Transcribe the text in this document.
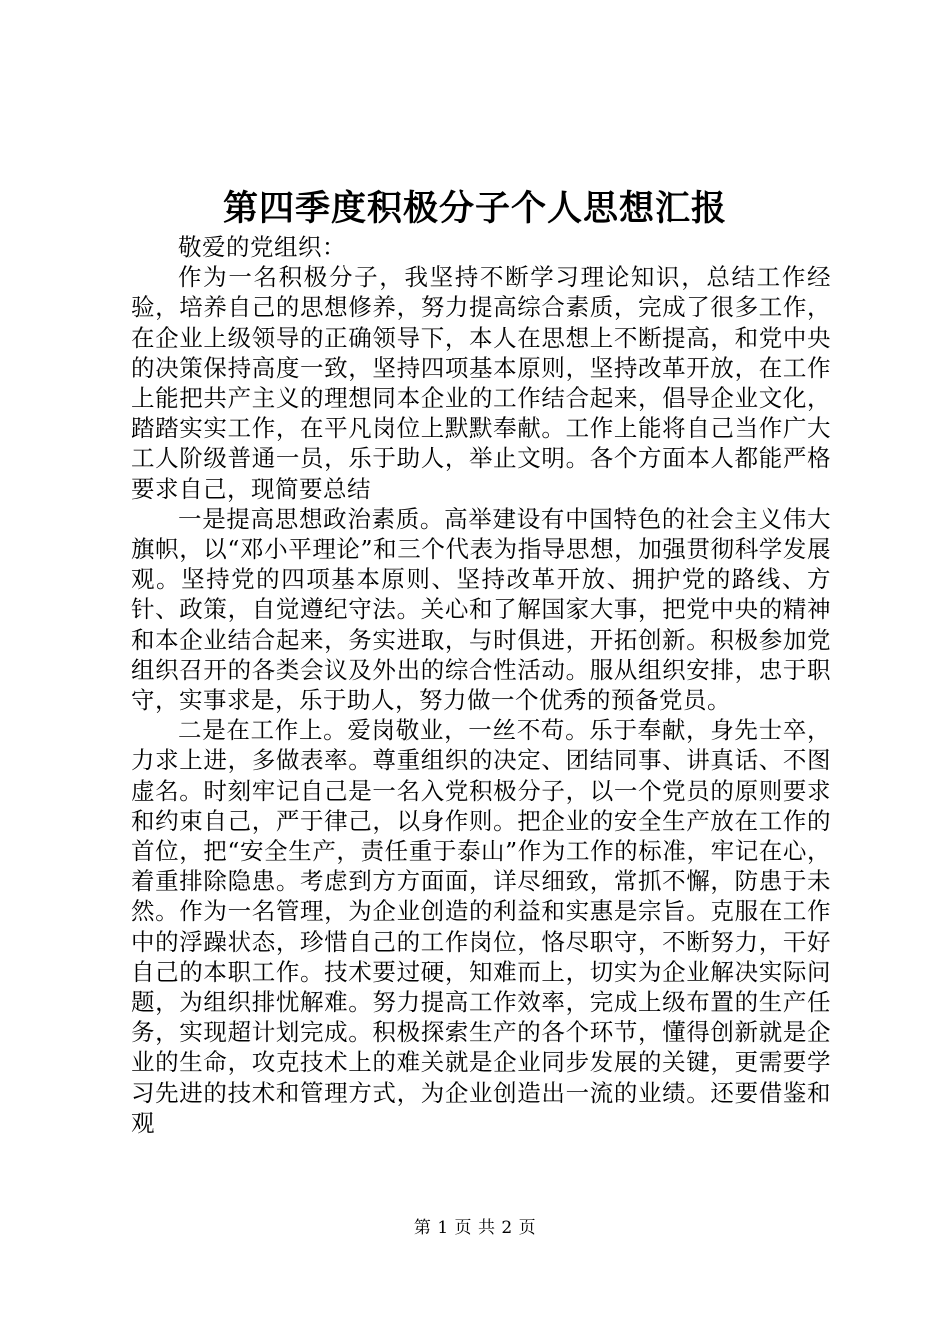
第四季度积极分子个人思想汇报

敬爱的党组织：

作为一名积极分子，我坚持不断学习理论知识，总结工作经验，培养自己的思想修养，努力提高综合素质，完成了很多工作，在企业上级领导的正确领导下，本人在思想上不断提高，和党中央的决策保持高度一致，坚持四项基本原则，坚持改革开放，在工作上能把共产主义的理想同本企业的工作结合起来，倡导企业文化，踏踏实实工作，在平凡岗位上默默奉献。工作上能将自己当作广大工人阶级普通一员，乐于助人，举止文明。各个方面本人都能严格要求自己，现简要总结

一是提高思想政治素质。高举建设有中国特色的社会主义伟大旗帜，以“邓小平理论”和三个代表为指导思想，加强贯彻科学发展观。坚持党的四项基本原则、坚持改革开放、拥护党的路线、方针、政策，自觉遵纪守法。关心和了解国家大事，把党中央的精神和本企业结合起来，务实进取，与时俱进，开拓创新。积极参加党组织召开的各类会议及外出的综合性活动。服从组织安排，忠于职守，实事求是，乐于助人，努力做一个优秀的预备党员。

二是在工作上。爱岗敬业，一丝不苟。乐于奉献，身先士卒，力求上进，多做表率。尊重组织的决定、团结同事、讲真话、不图虚名。时刻牢记自己是一名入党积极分子，以一个党员的原则要求和约束自己，严于律己，以身作则。把企业的安全生产放在工作的首位，把“安全生产，责任重于泰山”作为工作的标准，牢记在心，着重排除隐患。考虑到方方面面，详尽细致，常抓不懈，防患于未然。作为一名管理，为企业创造的利益和实惠是宗旨。克服在工作中的浮躁状态，珍惜自己的工作岗位，恪尽职守，不断努力，干好自己的本职工作。技术要过硬，知难而上，切实为企业解决实际问题，为组织排忧解难。努力提高工作效率，完成上级布置的生产任务，实现超计划完成。积极探索生产的各个环节，懂得创新就是企业的生命，攻克技术上的难关就是企业同步发展的关键，更需要学习先进的技术和管理方式，为企业创造出一流的业绩。还要借鉴和观

第 1 页 共 2 页
